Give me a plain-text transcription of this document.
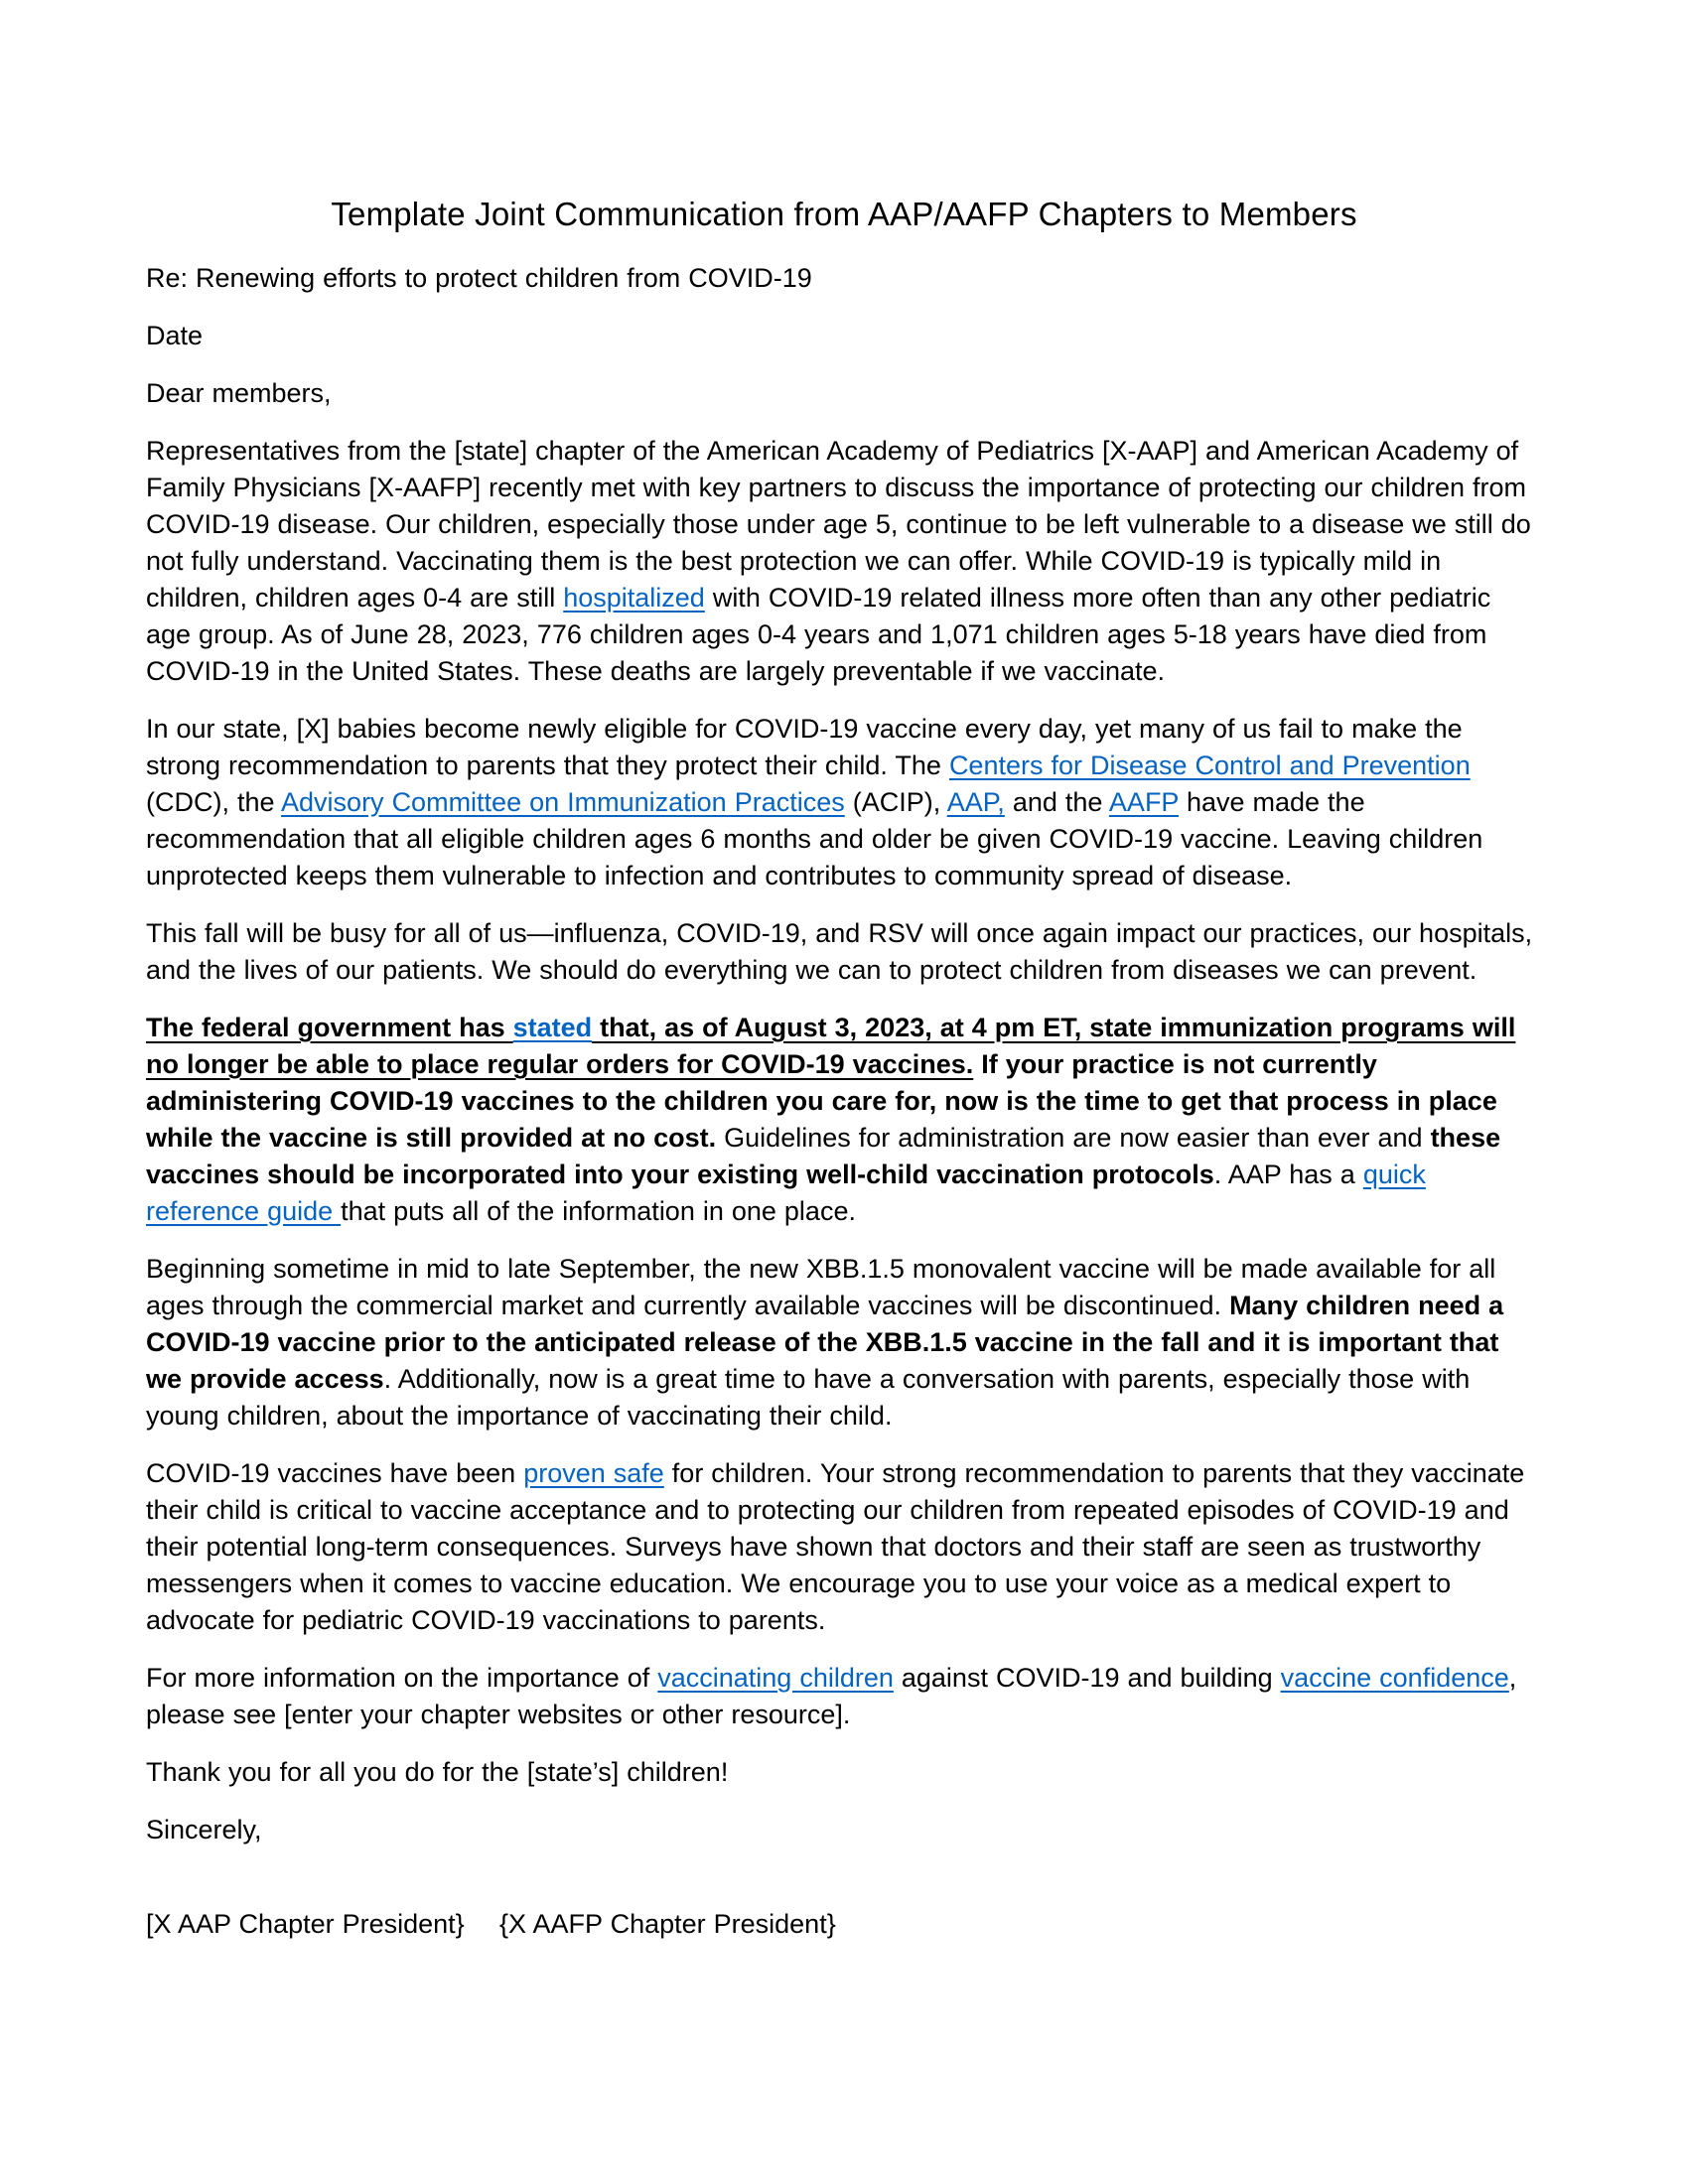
Template Joint Communication from AAP/AAFP Chapters to Members

Re: Renewing efforts to protect children from COVID-19

Date

Dear members,

Representatives from the [state] chapter of the American Academy of Pediatrics [X-AAP] and American Academy of Family Physicians [X-AAFP] recently met with key partners to discuss the importance of protecting our children from COVID-19 disease. Our children, especially those under age 5, continue to be left vulnerable to a disease we still do not fully understand. Vaccinating them is the best protection we can offer. While COVID-19 is typically mild in children, children ages 0-4 are still hospitalized with COVID-19 related illness more often than any other pediatric age group. As of June 28, 2023, 776 children ages 0-4 years and 1,071 children ages 5-18 years have died from COVID-19 in the United States. These deaths are largely preventable if we vaccinate.

In our state, [X] babies become newly eligible for COVID-19 vaccine every day, yet many of us fail to make the strong recommendation to parents that they protect their child. The Centers for Disease Control and Prevention (CDC), the Advisory Committee on Immunization Practices (ACIP), AAP, and the AAFP have made the recommendation that all eligible children ages 6 months and older be given COVID-19 vaccine. Leaving children unprotected keeps them vulnerable to infection and contributes to community spread of disease.

This fall will be busy for all of us—influenza, COVID-19, and RSV will once again impact our practices, our hospitals, and the lives of our patients. We should do everything we can to protect children from diseases we can prevent.

The federal government has stated that, as of August 3, 2023, at 4 pm ET, state immunization programs will no longer be able to place regular orders for COVID-19 vaccines. If your practice is not currently administering COVID-19 vaccines to the children you care for, now is the time to get that process in place while the vaccine is still provided at no cost. Guidelines for administration are now easier than ever and these vaccines should be incorporated into your existing well-child vaccination protocols. AAP has a quick reference guide that puts all of the information in one place.

Beginning sometime in mid to late September, the new XBB.1.5 monovalent vaccine will be made available for all ages through the commercial market and currently available vaccines will be discontinued. Many children need a COVID-19 vaccine prior to the anticipated release of the XBB.1.5 vaccine in the fall and it is important that we provide access. Additionally, now is a great time to have a conversation with parents, especially those with young children, about the importance of vaccinating their child.

COVID-19 vaccines have been proven safe for children. Your strong recommendation to parents that they vaccinate their child is critical to vaccine acceptance and to protecting our children from repeated episodes of COVID-19 and their potential long-term consequences. Surveys have shown that doctors and their staff are seen as trustworthy messengers when it comes to vaccine education. We encourage you to use your voice as a medical expert to advocate for pediatric COVID-19 vaccinations to parents.

For more information on the importance of vaccinating children against COVID-19 and building vaccine confidence, please see [enter your chapter websites or other resource].

Thank you for all you do for the [state’s] children!

Sincerely,

[X AAP Chapter President} {X AAFP Chapter President}
